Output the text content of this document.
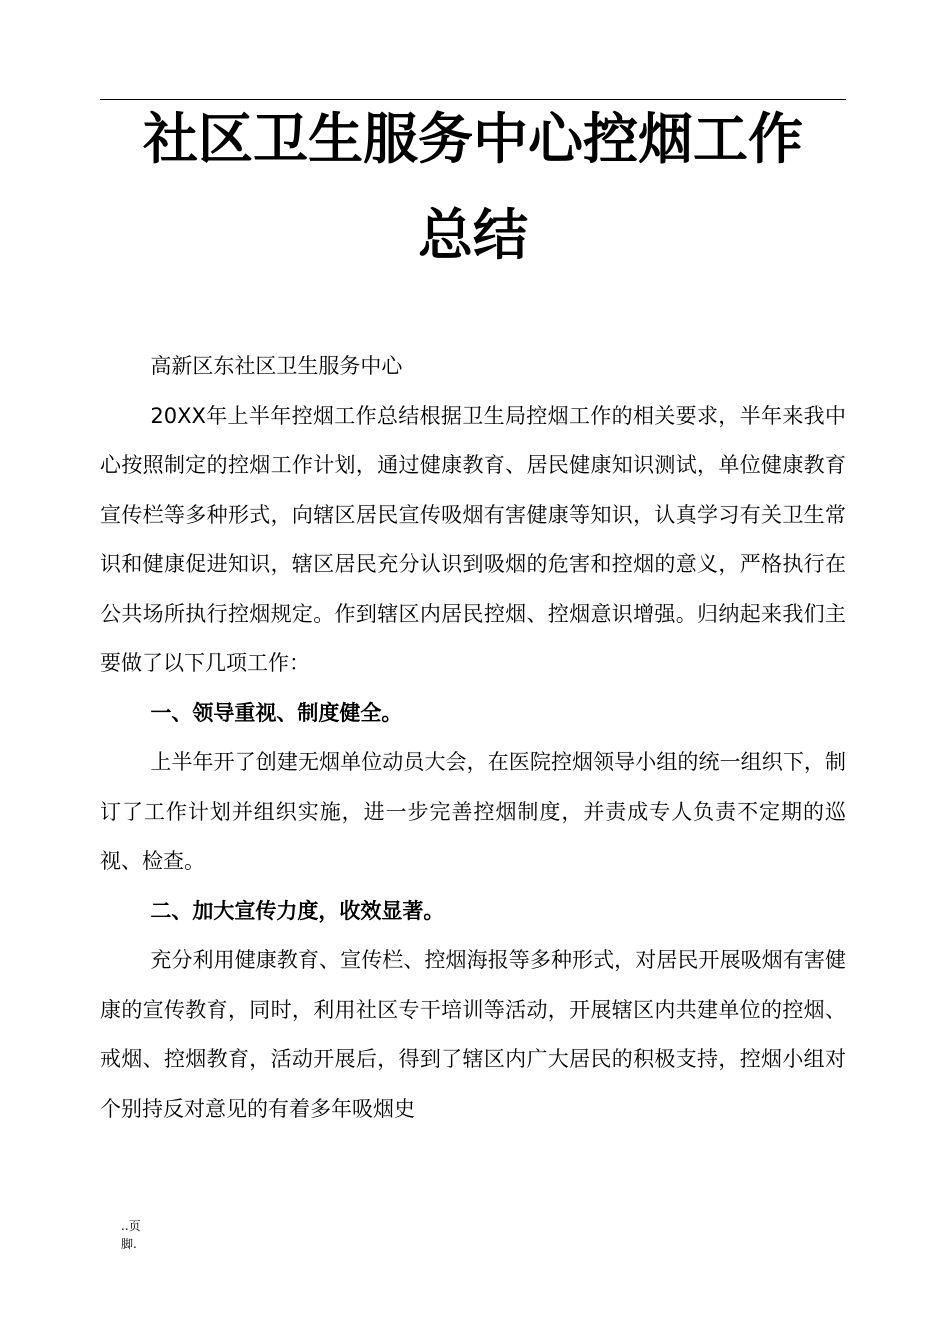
社区卫生服务中心控烟工作
总结

高新区东社区卫生服务中心

20XX年上半年控烟工作总结根据卫生局控烟工作的相关要求，半年来我中心按照制定的控烟工作计划，通过健康教育、居民健康知识测试，单位健康教育宣传栏等多种形式，向辖区居民宣传吸烟有害健康等知识，认真学习有关卫生常识和健康促进知识，辖区居民充分认识到吸烟的危害和控烟的意义，严格执行在公共场所执行控烟规定。作到辖区内居民控烟、控烟意识增强。归纳起来我们主要做了以下几项工作：

一、领导重视、制度健全。

上半年开了创建无烟单位动员大会，在医院控烟领导小组的统一组织下，制订了工作计划并组织实施，进一步完善控烟制度，并责成专人负责不定期的巡视、检查。

二、加大宣传力度，收效显著。

充分利用健康教育、宣传栏、控烟海报等多种形式，对居民开展吸烟有害健康的宣传教育，同时，利用社区专干培训等活动，开展辖区内共建单位的控烟、戒烟、控烟教育，活动开展后，得到了辖区内广大居民的积极支持，控烟小组对个别持反对意见的有着多年吸烟史

..页
脚.
